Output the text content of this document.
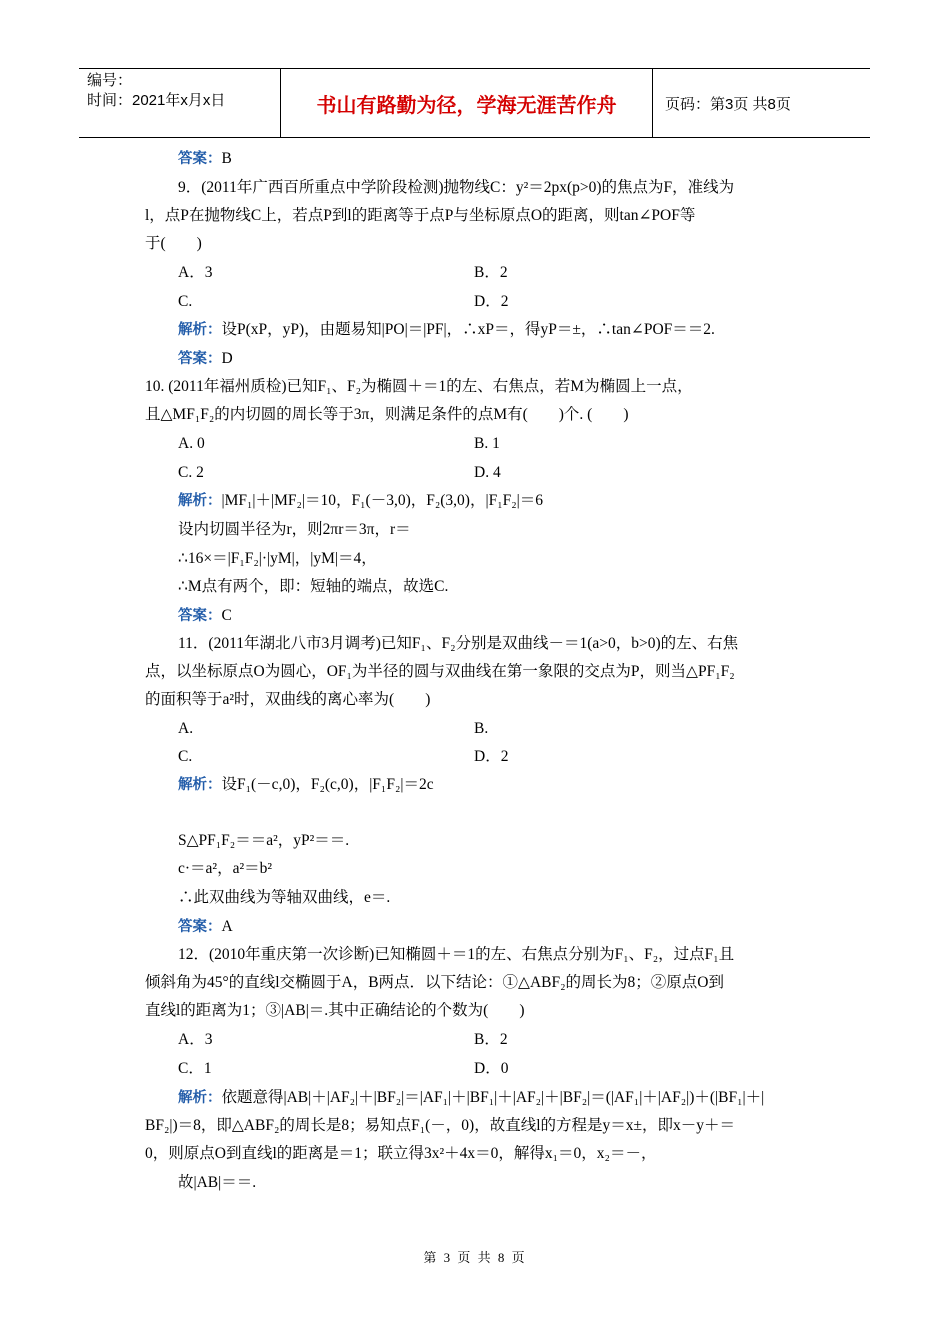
编号：
时间：2021年x月x日	书山有路勤为径，学海无涯苦作舟	页码：第3页 共8页
答案：B
9．(2011年广西百所重点中学阶段检测)抛物线C：y²＝2px(p>0)的焦点为F，准线为
l，点P在抛物线C上，若点P到l的距离等于点P与坐标原点O的距离，则tan∠POF等
于(　　)
A．3	B．2
C.	D．2
解析：设P(xP，yP)，由题易知|PO|＝|PF|，∴xP＝，得yP＝±，∴tan∠POF＝＝2.
答案：D
10. (2011年福州质检)已知F₁、F₂为椭圆＋＝1的左、右焦点，若M为椭圆上一点，
且△MF₁F₂的内切圆的周长等于3π，则满足条件的点M有(　　)个. (　　)
A. 0	B. 1
C. 2	D. 4
解析：|MF₁|＋|MF₂|＝10，F₁(－3,0)，F₂(3,0)，|F₁F₂|＝6
设内切圆半径为r，则2πr＝3π，r＝
∴16×＝|F₁F₂|·|yM|，|yM|＝4，
∴M点有两个，即：短轴的端点，故选C.
答案：C
11．(2011年湖北八市3月调考)已知F₁、F₂分别是双曲线－＝1(a>0，b>0)的左、右焦
点，以坐标原点O为圆心，OF₁为半径的圆与双曲线在第一象限的交点为P，则当△PF₁F₂
的面积等于a²时，双曲线的离心率为(　　)
A.	B.
C.	D．2
解析：设F₁(－c,0)，F₂(c,0)，|F₁F₂|＝2c
S△PF₁F₂＝＝a²，yP²＝＝.
c·＝a²，a²＝b²
∴此双曲线为等轴双曲线，e＝.
答案：A
12．(2010年重庆第一次诊断)已知椭圆＋＝1的左、右焦点分别为F₁、F₂，过点F₁且
倾斜角为45°的直线l交椭圆于A，B两点．以下结论：①△ABF₂的周长为8；②原点O到
直线l的距离为1；③|AB|＝.其中正确结论的个数为(　　)
A．3	B．2
C．1	D．0
解析：依题意得|AB|＋|AF₂|＋|BF₂|＝|AF₁|＋|BF₁|＋|AF₂|＋|BF₂|＝(|AF₁|＋|AF₂|)＋(|BF₁|＋|
BF₂|)＝8，即△ABF₂的周长是8；易知点F₁(－，0)，故直线l的方程是y＝x±，即x－y＋＝
0，则原点O到直线l的距离是＝1；联立得3x²＋4x＝0，解得x₁＝0，x₂＝－，
故|AB|＝＝.
第 3 页 共 8 页
